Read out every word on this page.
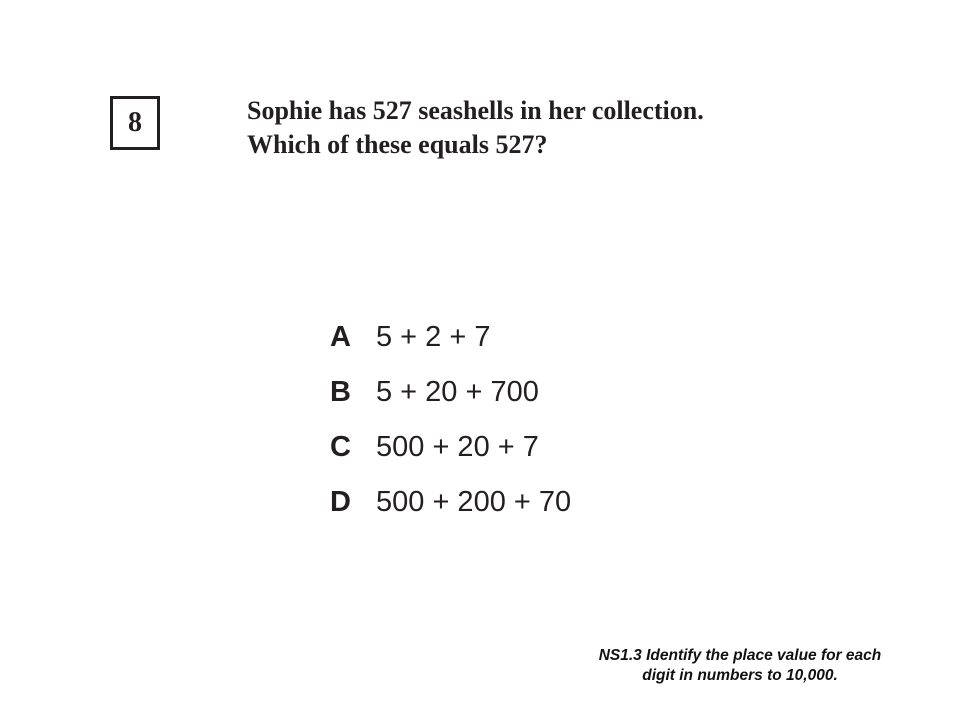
8	Sophie has 527 seashells in her collection.
Which of these equals 527?
A 5 + 2 + 7
B 5 + 20 + 700
C 500 + 20 + 7
D 500 + 200 + 70
NS1.3 Identify the place value for each
digit in numbers to 10,000.
